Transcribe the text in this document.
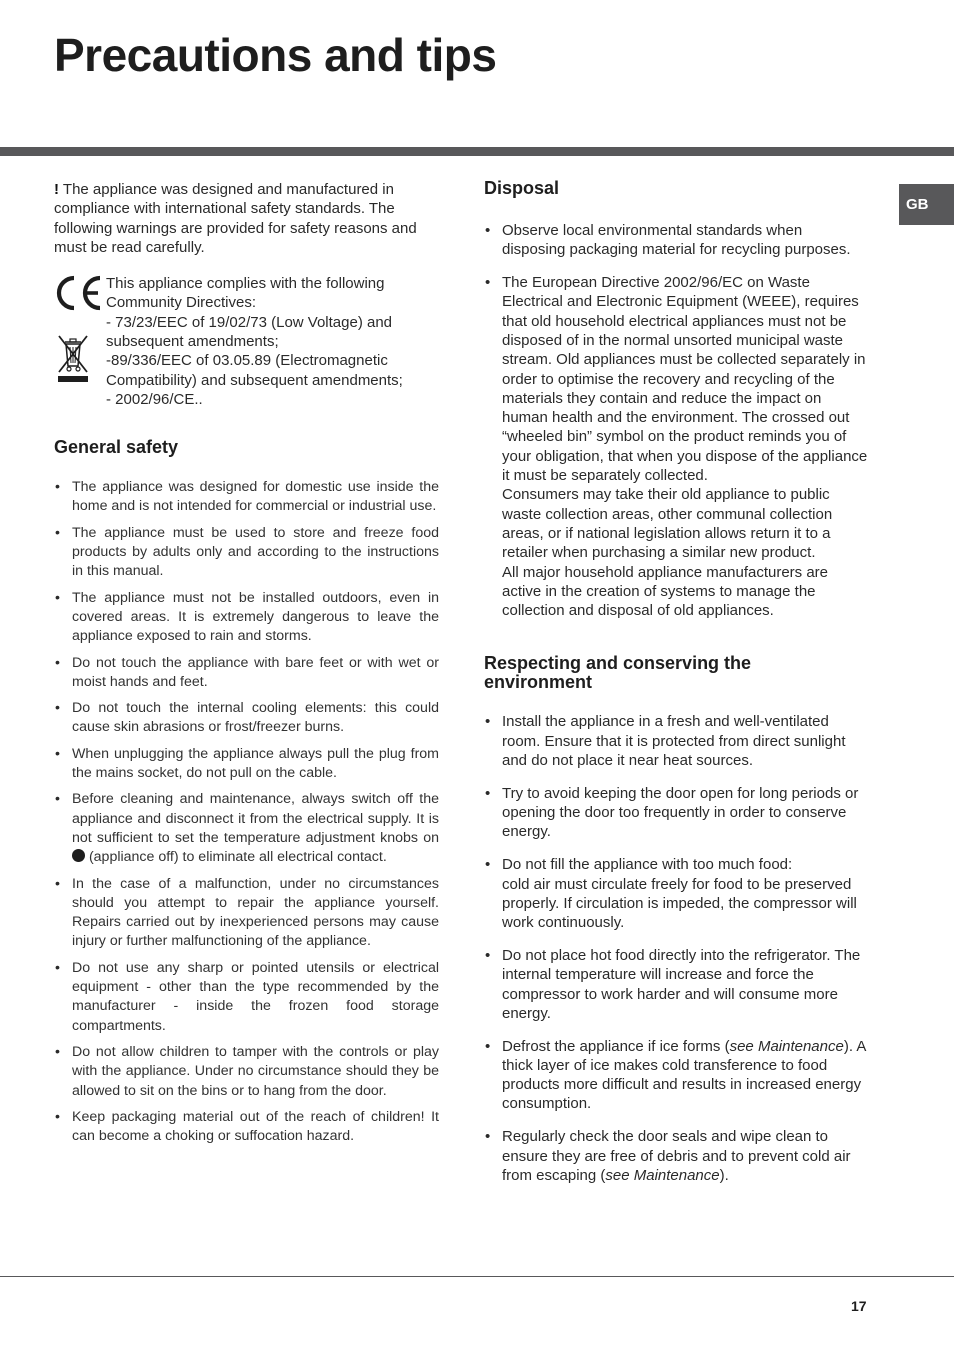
Precautions and tips
GB

! The appliance was designed and manufactured in compliance with international safety standards. The following warnings are provided for safety reasons and must be read carefully.

This appliance complies with the following
Community Directives:
- 73/23/EEC of 19/02/73 (Low Voltage) and
subsequent amendments;
-89/336/EEC of 03.05.89 (Electromagnetic
Compatibility) and subsequent amendments;
- 2002/96/CE..
General safety
• The appliance was designed for domestic use inside the home and is not intended for commercial or industrial use.
• The appliance must be used to store and freeze food products by adults only and according to the instructions in this manual.
• The appliance must not be installed outdoors, even in covered areas. It is extremely dangerous to leave the appliance exposed to rain and storms.
• Do not touch the appliance with bare feet or with wet or moist hands and feet.
• Do not touch the internal cooling elements: this could cause skin abrasions or frost/freezer burns.
• When unplugging the appliance always pull the plug from the mains socket, do not pull on the cable.
• Before cleaning and maintenance, always switch off the appliance and disconnect it from the electrical supply. It is not sufficient to set the temperature adjustment knobs on  (appliance off) to eliminate all electrical contact.
• In the case of a malfunction, under no circumstances should you attempt to repair the appliance yourself. Repairs carried out by inexperienced persons may cause injury or further malfunctioning of the appliance.
• Do not use any sharp or pointed utensils or electrical equipment - other than the type recommended by the manufacturer - inside the frozen food storage compartments.
• Do not allow children to tamper with the controls or play with the appliance. Under no circumstance should they be allowed to sit on the bins or to hang from the door.
• Keep packaging material out of the reach of children! It can become a choking or suffocation hazard.
Disposal
• Observe local environmental standards when disposing packaging material for recycling purposes.

• The European Directive 2002/96/EC on Waste Electrical and Electronic Equipment (WEEE), requires that old household electrical appliances must not be disposed of in the normal unsorted municipal waste stream. Old appliances must be collected separately in order to optimise the recovery and recycling of the materials they contain and reduce the impact on human health and the environment. The crossed out “wheeled bin” symbol on the product reminds you of your obligation, that when you dispose of the appliance it must be separately collected.

Consumers may take their old appliance to public waste collection areas, other communal collection areas, or if national legislation allows return it to a retailer when purchasing a similar new product.

All major household appliance manufacturers are active in the creation of systems to manage the collection and disposal of old appliances.

Respecting and conserving the
environment
• Install the appliance in a fresh and well-ventilated room. Ensure that it is protected from direct sunlight and do not place it near heat sources.
• Try to avoid keeping the door open for long periods or opening the door too frequently in order to conserve energy.
• Do not fill the appliance with too much food:
cold air must circulate freely for food to be preserved properly. If circulation is impeded, the compressor will work continuously.
• Do not place hot food directly into the refrigerator. The internal temperature will increase and force the compressor to work harder and will consume more energy.
• Defrost the appliance if ice forms (see Maintenance). A thick layer of ice makes cold transference to food products more difficult and results in increased energy consumption.
• Regularly check the door seals and wipe clean to ensure they are free of debris and to prevent cold air from escaping (see Maintenance).
17
